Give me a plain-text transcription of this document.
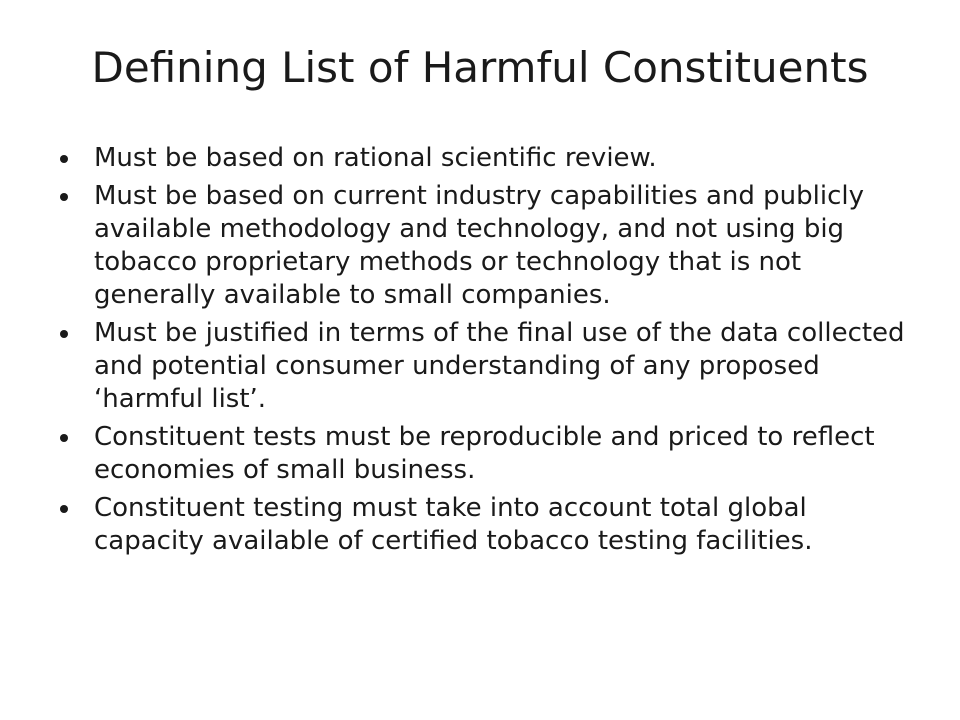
Defining List of Harmful Constituents
Must be based on rational scientific review.
Must be based on current industry capabilities and publicly available methodology and technology, and not using big tobacco proprietary methods or technology that is not generally available to small companies.
Must be justified in terms of the final use of the data collected and potential consumer understanding of any proposed ‘harmful list’.
Constituent tests must be reproducible and priced to reflect economies of small business.
Constituent testing must take into account total global capacity available of certified tobacco testing facilities.
